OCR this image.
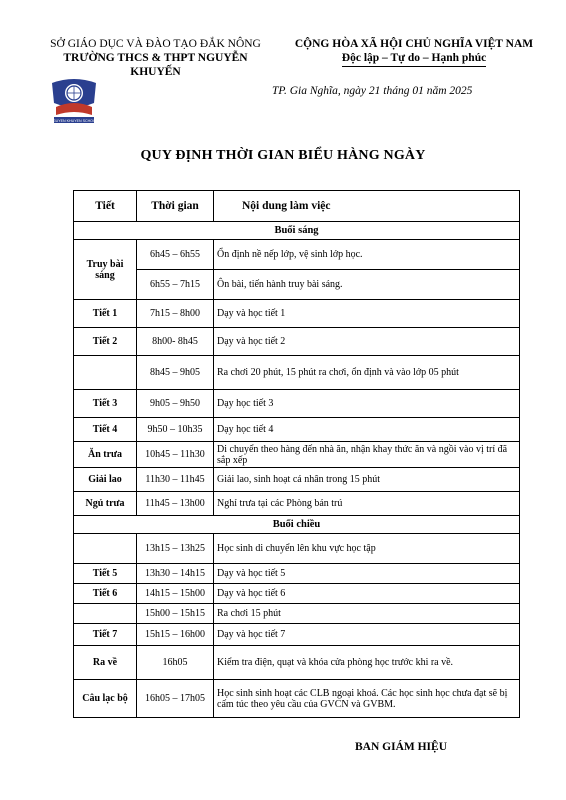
SỞ GIÁO DỤC VÀ ĐÀO TẠO ĐẮK NÔNG
TRƯỜNG THCS & THPT NGUYỄN KHUYẾN
CỘNG HÒA XÃ HỘI CHỦ NGHĨA VIỆT NAM
Độc lập – Tự do – Hạnh phúc
NGUYEN KHUYEN SCHOOL
TP. Gia Nghĩa, ngày 21 tháng 01 năm 2025
QUY ĐỊNH THỜI GIAN BIỂU HÀNG NGÀY
Tiết	Thời gian	Nội dung làm việc
Buổi sáng		
Truy bài sáng	6h45 – 6h55	Ổn định nề nếp lớp, vệ sinh lớp học.
	6h55 – 7h15	Ôn bài, tiến hành truy bài sáng.
Tiết 1	7h15 – 8h00	Dạy và học tiết 1
Tiết 2	8h00- 8h45	Dạy và học tiết 2
	8h45 – 9h05	Ra chơi 20 phút, 15 phút ra chơi, ổn định và vào lớp 05 phút
Tiết 3	9h05 – 9h50	Dạy học tiết 3
Tiết 4	9h50 – 10h35	Dạy học tiết 4
Ăn trưa	10h45 – 11h30	Di chuyển theo hàng đến nhà ăn, nhận khay thức ăn và ngồi vào vị trí đã sắp xếp
Giải lao	11h30 – 11h45	Giải lao, sinh hoạt cá nhân trong 15 phút
Ngủ trưa	11h45 – 13h00	Nghỉ trưa tại các Phòng bán trú
Buổi chiều		
	13h15 – 13h25	Học sinh di chuyển lên khu vực học tập
Tiết 5	13h30 – 14h15	Dạy và học tiết 5
Tiết 6	14h15 – 15h00	Dạy và học tiết 6
	15h00 – 15h15	Ra chơi 15 phút
Tiết 7	15h15 – 16h00	Dạy và học tiết 7
Ra về	16h05	Kiểm tra điện, quạt và khóa cửa phòng học trước khi ra về.
Câu lạc bộ	16h05 – 17h05	Học sinh sinh hoạt các CLB ngoại khoá. Các học sinh học chưa đạt sẽ bị cấm túc theo yêu cầu của GVCN và GVBM.
BAN GIÁM HIỆU
